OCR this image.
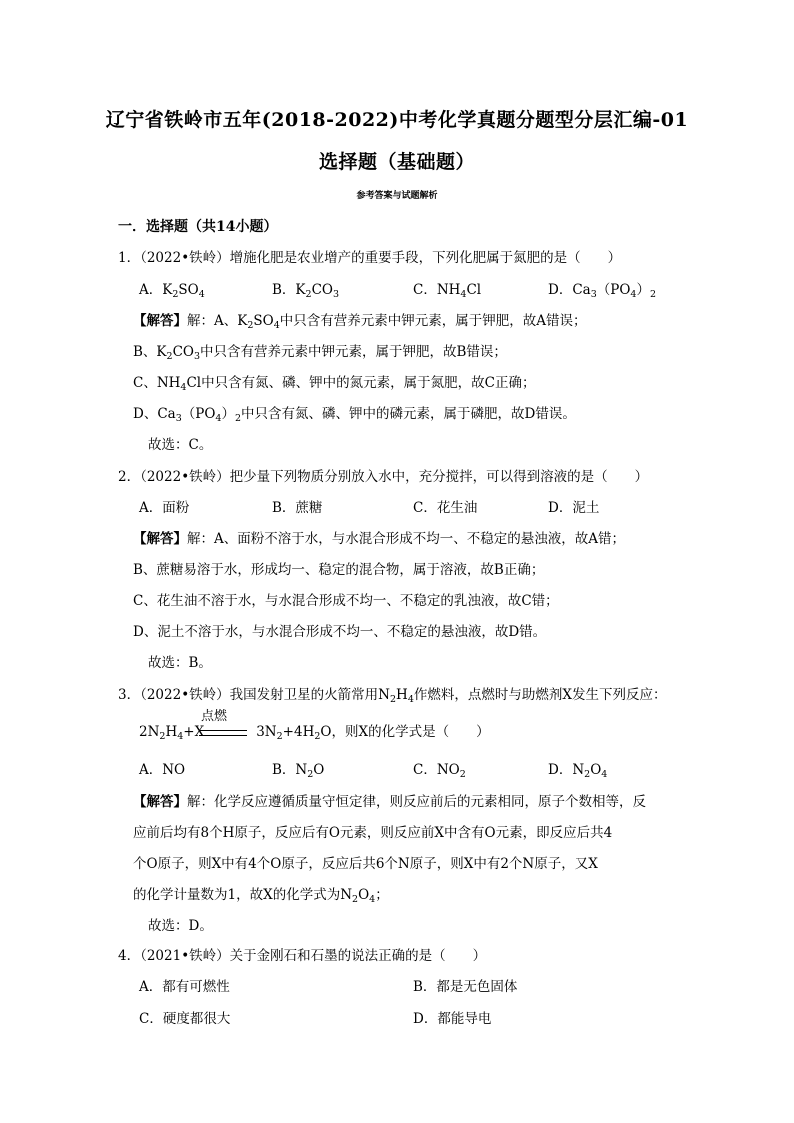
辽宁省铁岭市五年(2018-2022)中考化学真题分题型分层汇编-01
选择题（基础题）
参考答案与试题解析
一．选择题（共14小题）
1．（2022•铁岭）增施化肥是农业增产的重要手段，下列化肥属于氮肥的是（　　）
A．$K_2SO_4$	B．$K_2CO_3$	C．$NH_4Cl$	D．$Ca_3(PO_4)_2$
【解答】解：A、$K_2SO_4$中只含有营养元素中钾元素，属于钾肥，故A错误；
B、$K_2CO_3$中只含有营养元素中钾元素，属于钾肥，故B错误；
C、$NH_4Cl$中只含有氮、磷、钾中的氮元素，属于氮肥，故C正确；
D、$Ca_3(PO_4)_2$中只含有氮、磷、钾中的磷元素，属于磷肥，故D错误。
故选：C。
2．（2022•铁岭）把少量下列物质分别放入水中，充分搅拌，可以得到溶液的是（　　）
A．面粉	B．蔗糖	C．花生油	D．泥土
【解答】解：A、面粉不溶于水，与水混合形成不均一、不稳定的悬浊液，故A错；
B、蔗糖易溶于水，形成均一、稳定的混合物，属于溶液，故B正确；
C、花生油不溶于水，与水混合形成不均一、不稳定的乳浊液，故C错；
D、泥土不溶于水，与水混合形成不均一、不稳定的悬浊液，故D错。
故选：B。
3．（2022•铁岭）我国发射卫星的火箭常用$N_2H_4$作燃料，点燃时与助燃剂X发生下列反应：
$2N_2H_4+X$	$3N_2+4H_2O$，则X的化学式是（　　）
点燃
A．NO	B．$N_2O$	C．$NO_2$	D．$N_2O_4$
【解答】解：化学反应遵循质量守恒定律，则反应前后的元素相同，原子个数相等，反
应前后均有8个H原子，反应后有O元素，则反应前X中含有O元素，即反应后共4
个O原子，则X中有4个O原子，反应后共6个N原子，则X中有2个N原子，又X
的化学计量数为1，故X的化学式为$N_2O_4$；
故选：D。
4．（2021•铁岭）关于金刚石和石墨的说法正确的是（　　）
A．都有可燃性	B．都是无色固体
C．硬度都很大	D．都能导电
